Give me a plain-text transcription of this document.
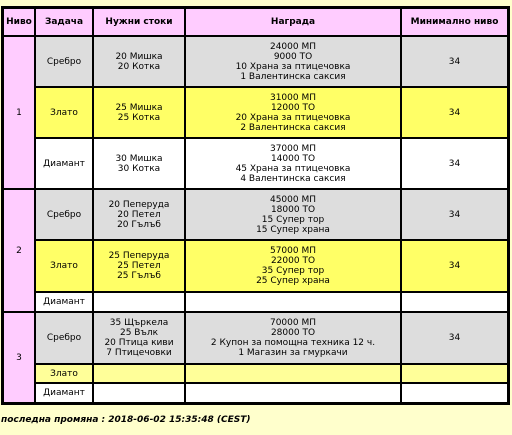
Ниво	Задача	Нужни стоки	Награда	Минимално ниво
1	Сребро	20 Мишка
20 Котка	24000 МП
9000 ТО
10 Храна за птицечовка
1 Валентинска саксия	34
	Злато	25 Мишка
25 Котка	31000 МП
12000 ТО
20 Храна за птицечовка
2 Валентинска саксия	34
	Диамант	30 Мишка
30 Котка	37000 МП
14000 ТО
45 Храна за птицечовка
4 Валентинска саксия	34
2	Сребро	20 Пеперуда
20 Петел
20 Гълъб	45000 МП
18000 ТО
15 Супер тор
15 Супер храна	34
	Злато	25 Пеперуда
25 Петел
25 Гълъб	57000 МП
22000 ТО
35 Супер тор
25 Супер храна	34
	Диамант			
3	Сребро	35 Щъркела
25 Вълк
20 Птица киви
7 Птицечовки	70000 МП
28000 ТО
2 Купон за помощна техника 12 ч.
1 Магазин за гмуркачи	34
	Злато			
	Диамант			
последна промяна : 2018-06-02 15:35:48 (CEST)
